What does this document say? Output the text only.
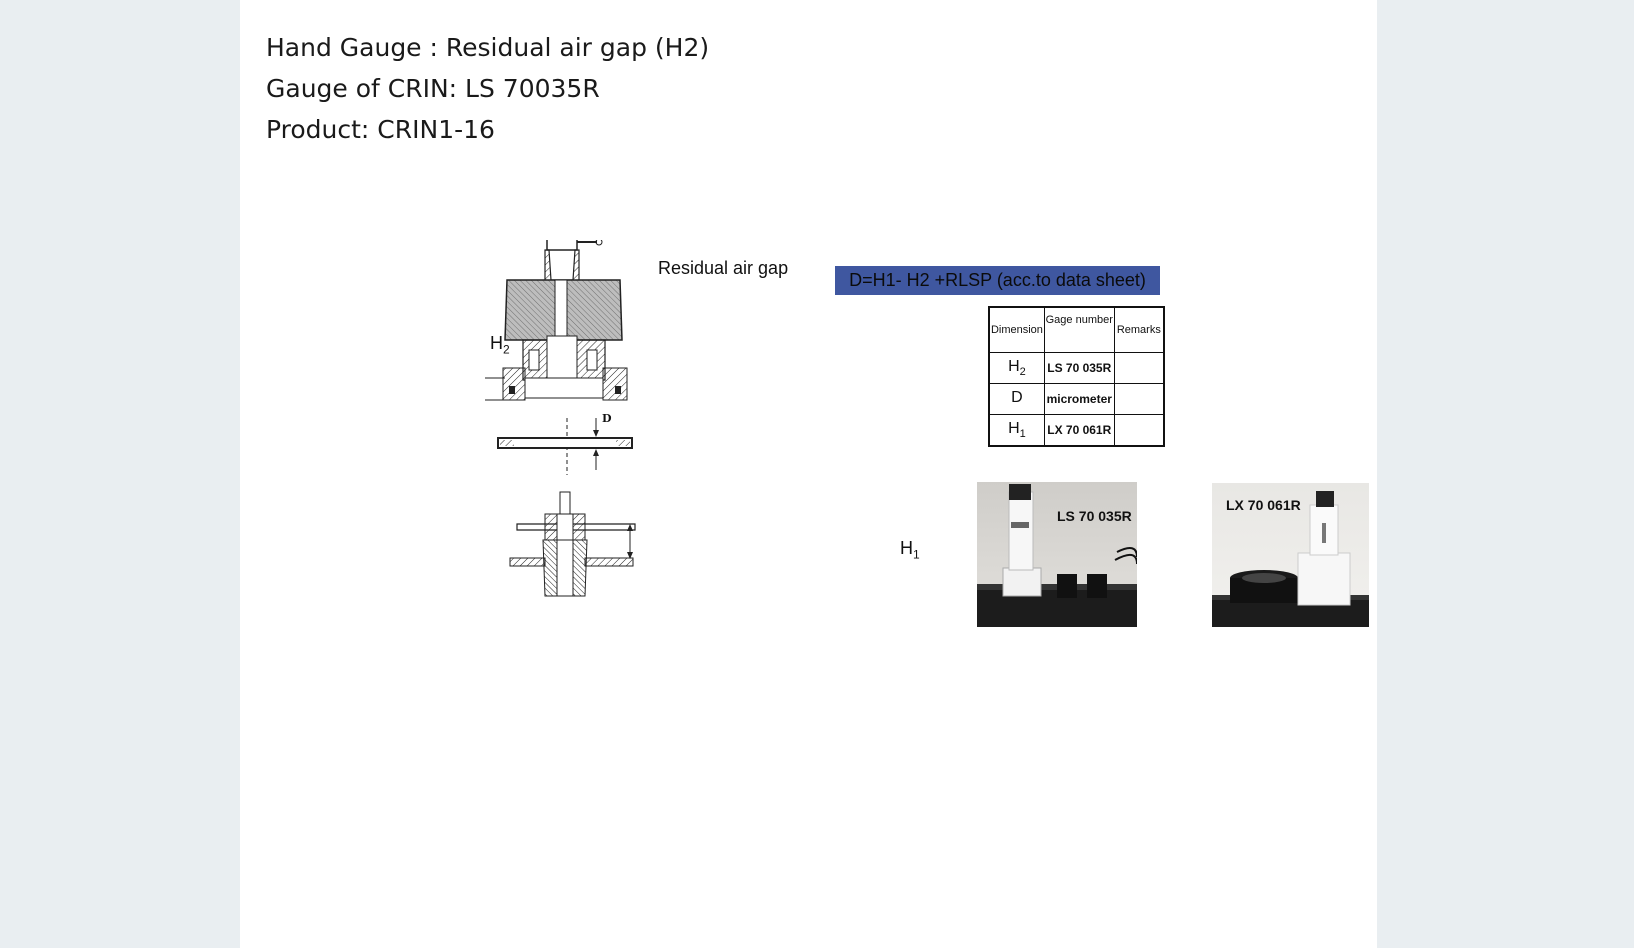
Hand Gauge : Residual air gap (H2)
Gauge of CRIN: LS 70035R
Product: CRIN1-16
Residual air gap
D=H1- H2 +RLSP (acc.to data sheet)
$H_2$
D
$H_1$
Dimension	Gage number	Remarks
$H_2$	LS 70 035R	
D	micrometer	
$H_1$	LX 70 061R	
LS 70 035R
LX 70 061R
